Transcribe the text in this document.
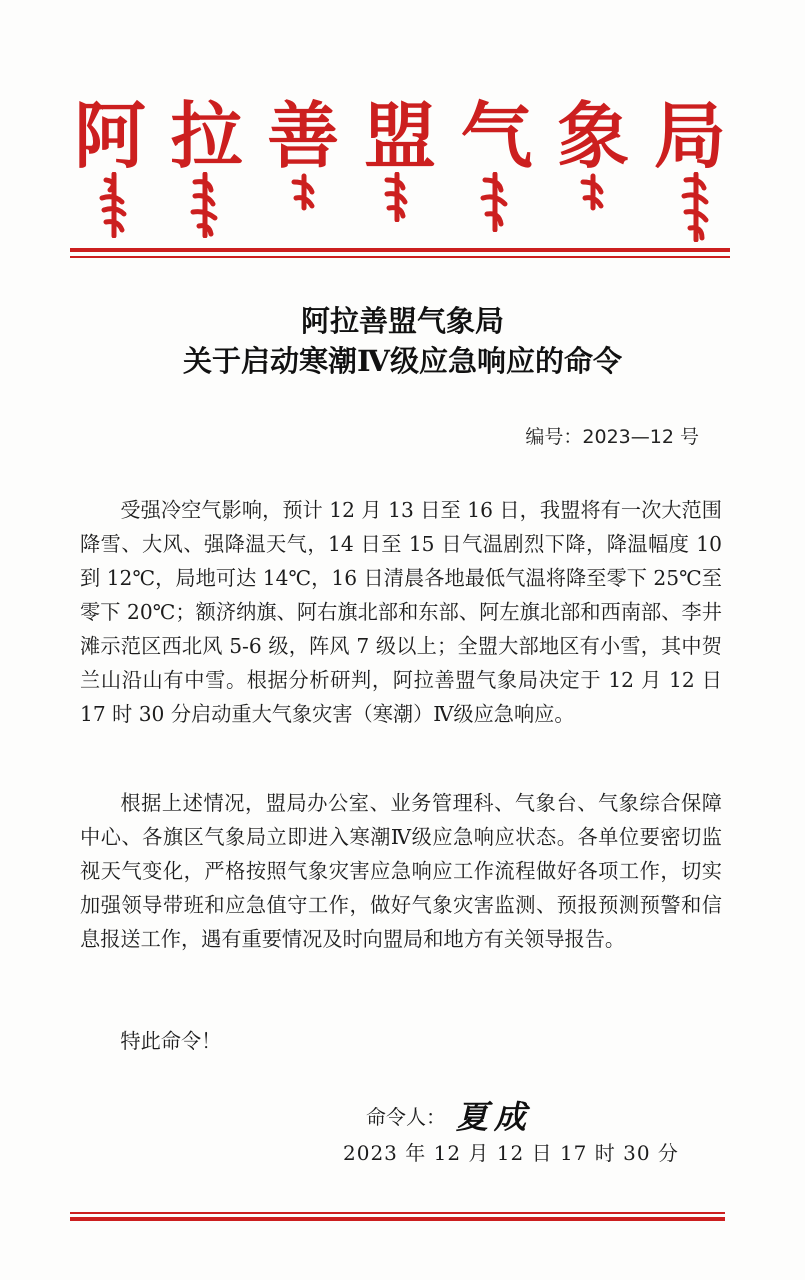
阿 拉 善 盟 气 象 局
阿拉善盟气象局
关于启动寒潮Ⅳ级应急响应的命令
编号：2023—12 号

受强冷空气影响，预计 12 月 13 日至 16 日，我盟将有一次大范围降雪、大风、强降温天气，14 日至 15 日气温剧烈下降，降温幅度 10 到 12℃，局地可达 14℃，16 日清晨各地最低气温将降至零下 25℃至零下 20℃；额济纳旗、阿右旗北部和东部、阿左旗北部和西南部、李井滩示范区西北风 5-6 级，阵风 7 级以上；全盟大部地区有小雪，其中贺兰山沿山有中雪。根据分析研判，阿拉善盟气象局决定于 12 月 12 日 17 时 30 分启动重大气象灾害（寒潮）Ⅳ级应急响应。

根据上述情况，盟局办公室、业务管理科、气象台、气象综合保障中心、各旗区气象局立即进入寒潮Ⅳ级应急响应状态。各单位要密切监视天气变化，严格按照气象灾害应急响应工作流程做好各项工作，切实加强领导带班和应急值守工作，做好气象灾害监测、预报预测预警和信息报送工作，遇有重要情况及时向盟局和地方有关领导报告。

特此命令！

命令人： 夏成
2023 年 12 月 12 日 17 时 30 分
